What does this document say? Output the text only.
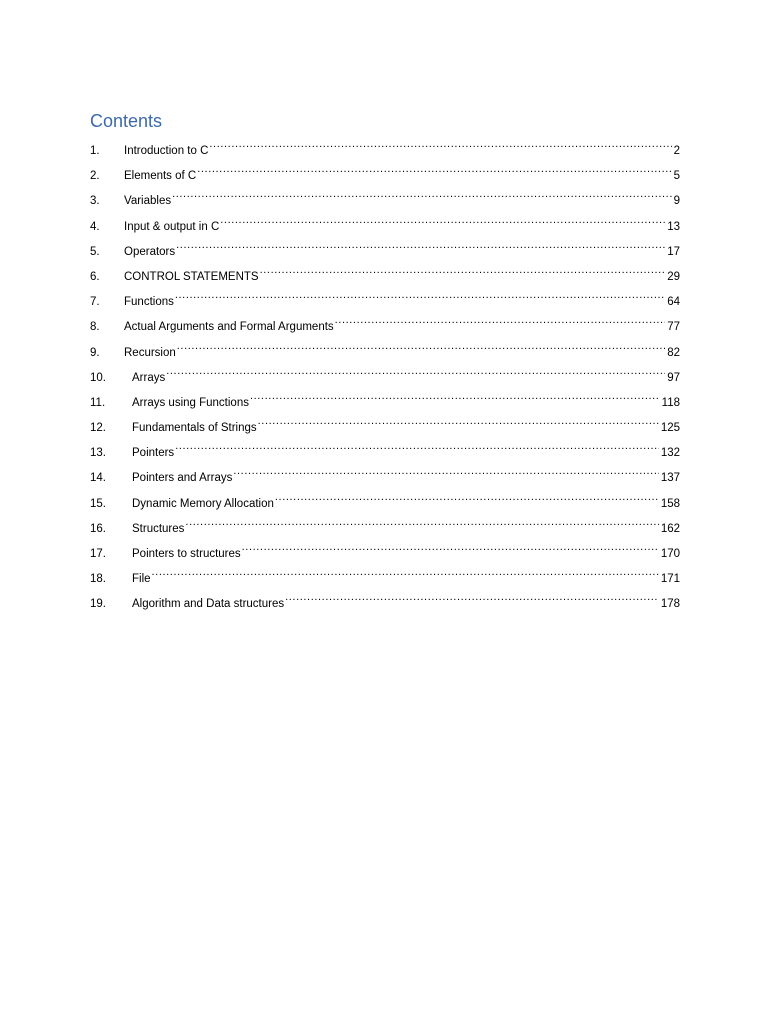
Contents
1.	Introduction to C .....	2
2.	Elements of C .....	5
3.	Variables .....	9
4.	Input & output in C .....	13
5.	Operators .....	17
6.	CONTROL STATEMENTS .....	29
7.	Functions .....	64
8.	Actual Arguments and Formal Arguments .....	77
9.	Recursion .....	82
10.	Arrays .....	97
11.	Arrays using Functions .....	118
12.	Fundamentals of Strings .....	125
13.	Pointers .....	132
14.	Pointers and Arrays .....	137
15.	Dynamic Memory Allocation .....	158
16.	Structures .....	162
17.	Pointers to structures .....	170
18.	File .....	171
19.	Algorithm and Data structures .....	178
